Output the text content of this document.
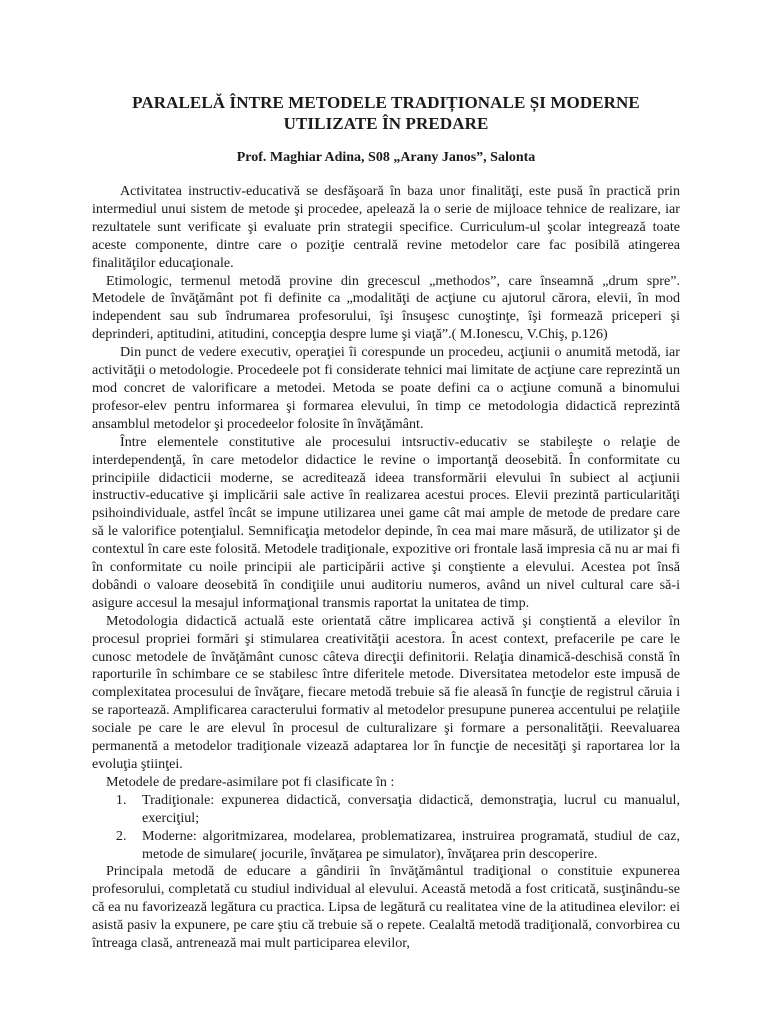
PARALELĂ ÎNTRE METODELE TRADIȚIONALE ȘI MODERNE
UTILIZATE ÎN PREDARE

Prof. Maghiar Adina, S08 „Arany Janos”, Salonta

Activitatea instructiv-educativă se desfăşoară în baza unor finalităţi, este pusă în practică prin intermediul unui sistem de metode şi procedee, apelează la o serie de mijloace tehnice de realizare, iar rezultatele sunt verificate şi evaluate prin strategii specifice. Curriculum-ul şcolar integrează toate aceste componente, dintre care o poziţie centrală revine metodelor care fac posibilă atingerea finalităţilor educaţionale.

Etimologic, termenul metodă provine din grecescul „methodos”, care înseamnă „drum spre”. Metodele de învăţământ pot fi definite ca „modalităţi de acţiune cu ajutorul cărora, elevii, în mod independent sau sub îndrumarea profesorului, îşi însuşesc cunoştinţe, îşi formează priceperi şi deprinderi, aptitudini, atitudini, concepţia despre lume şi viaţă”.( M.Ionescu, V.Chiş, p.126)

Din punct de vedere executiv, operaţiei îi corespunde un procedeu, acţiunii o anumită metodă, iar activităţii o metodologie. Procedeele pot fi considerate tehnici mai limitate de acţiune care reprezintă un mod concret de valorificare a metodei. Metoda se poate defini ca o acţiune comună a binomului profesor-elev pentru informarea şi formarea elevului, în timp ce metodologia didactică reprezintă ansamblul metodelor şi procedeelor folosite în învăţământ.

Între elementele constitutive ale procesului intsructiv-educativ se stabileşte o relaţie de interdependenţă, în care metodelor didactice le revine o importanţă deosebită. În conformitate cu principiile didacticii moderne, se acreditează ideea transformării elevului în subiect al acţiunii instructiv-educative şi implicării sale active în realizarea acestui proces. Elevii prezintă particularităţi psihoindividuale, astfel încât se impune utilizarea unei game cât mai ample de metode de predare care să le valorifice potenţialul. Semnificaţia metodelor depinde, în cea mai mare măsură, de utilizator şi de contextul în care este folosită. Metodele tradiţionale, expozitive ori frontale lasă impresia că nu ar mai fi în conformitate cu noile principii ale participării active şi conştiente a elevului. Acestea pot însă dobândi o valoare deosebită în condiţiile unui auditoriu numeros, având un nivel cultural care să-i asigure accesul la mesajul informaţional transmis raportat la unitatea de timp.

Metodologia didactică actuală este orientată către implicarea activă şi conştientă a elevilor în procesul propriei formări şi stimularea creativităţii acestora. În acest context, prefacerile pe care le cunosc metodele de învăţământ cunosc câteva direcţii definitorii. Relaţia dinamică-deschisă constă în raporturile în schimbare ce se stabilesc între diferitele metode. Diversitatea metodelor este impusă de complexitatea procesului de învăţare, fiecare metodă trebuie să fie aleasă în funcţie de registrul căruia i se raportează. Amplificarea caracterului formativ al metodelor presupune punerea accentului pe relaţiile sociale pe care le are elevul în procesul de culturalizare şi formare a personalităţii. Reevaluarea permanentă a metodelor tradiţionale vizează adaptarea lor în funcţie de necesităţi şi raportarea lor la evoluţia ştiinţei.

Metodele de predare-asimilare pot fi clasificate în :

1. Tradiţionale: expunerea didactică, conversaţia didactică, demonstraţia, lucrul cu manualul, exerciţiul;
2. Moderne: algoritmizarea, modelarea, problematizarea, instruirea programată, studiul de caz, metode de simulare( jocurile, învăţarea pe simulator), învăţarea prin descoperire.

Principala metodă de educare a gândirii în învăţământul tradiţional o constituie expunerea profesorului, completată cu studiul individual al elevului. Această metodă a fost criticată, susţinându-se că ea nu favorizează legătura cu practica. Lipsa de legătură cu realitatea vine de la atitudinea elevilor: ei asistă pasiv la expunere, pe care ştiu că trebuie să o repete. Cealaltă metodă tradiţională, convorbirea cu întreaga clasă, antrenează mai mult participarea elevilor,
